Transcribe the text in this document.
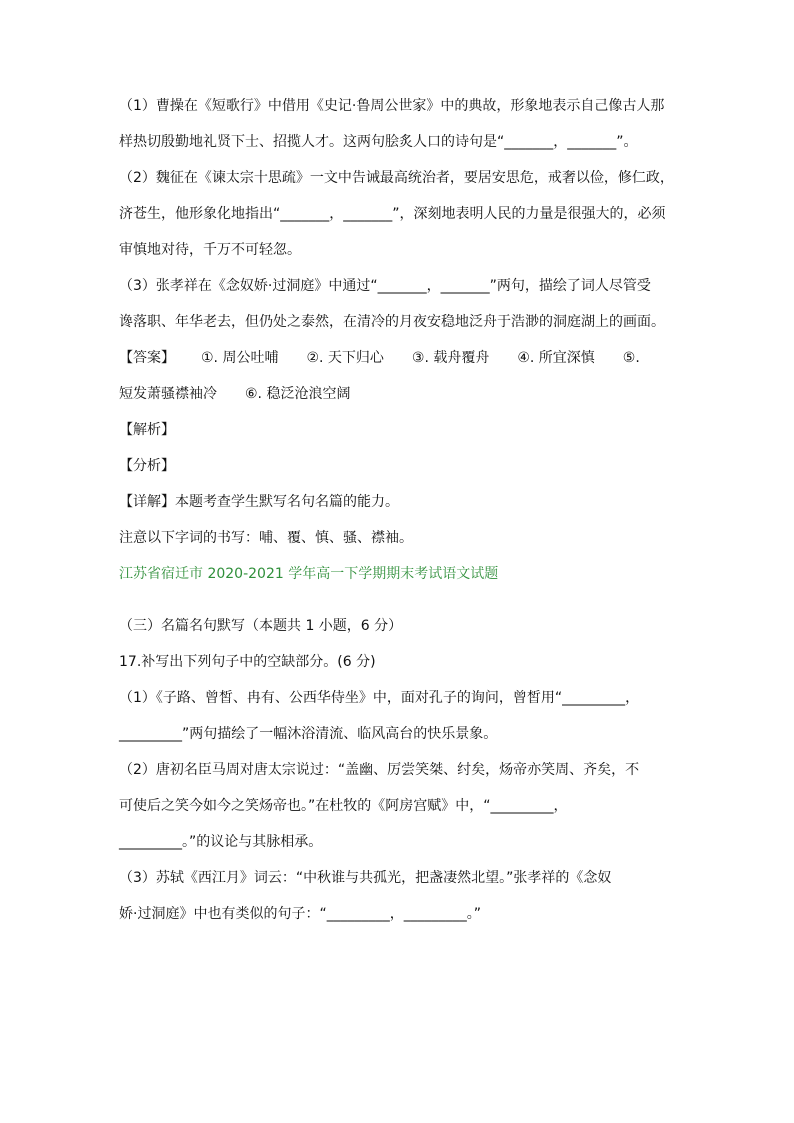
（1）曹操在《短歌行》中借用《史记·鲁周公世家》中的典故，形象地表示自己像古人那
样热切殷勤地礼贤下士、招揽人才。这两句脍炙人口的诗句是“_______，_______”。
（2）魏征在《谏太宗十思疏》一文中告诫最高统治者，要居安思危，戒奢以俭，修仁政，
济苍生，他形象化地指出“_______，_______”，深刻地表明人民的力量是很强大的，必须
审慎地对待，千万不可轻忽。
（3）张孝祥在《念奴娇·过洞庭》中通过“_______，_______”两句，描绘了词人尽管受
谗落职、年华老去，但仍处之泰然，在清冷的月夜安稳地泛舟于浩渺的洞庭湖上的画面。
【答案】 ①. 周公吐哺　　②. 天下归心　　③. 载舟覆舟　　④. 所宜深慎　　⑤.
短发萧骚襟袖冷　　⑥. 稳泛沧浪空阔
【解析】
【分析】
【详解】本题考查学生默写名句名篇的能力。
注意以下字词的书写：哺、覆、慎、骚、襟袖。
江苏省宿迁市 2020-2021 学年高一下学期期末考试语文试题
（三）名篇名句默写（本题共 1 小题，6 分）
17.补写出下列句子中的空缺部分。(6 分)
（1）《子路、曾皙、冉有、公西华侍坐》中，面对孔子的询问，曾皙用“_________，
_________”两句描绘了一幅沐浴清流、临风高台的快乐景象。
（2）唐初名臣马周对唐太宗说过：“盖幽、厉尝笑桀、纣矣，炀帝亦笑周、齐矣，不
可使后之笑今如今之笑炀帝也。”在杜牧的《阿房宫赋》中，“_________，
_________。”的议论与其脉相承。
（3）苏轼《西江月》词云：“中秋谁与共孤光，把盏凄然北望。”张孝祥的《念奴
娇·过洞庭》中也有类似的句子：“_________，_________。”
